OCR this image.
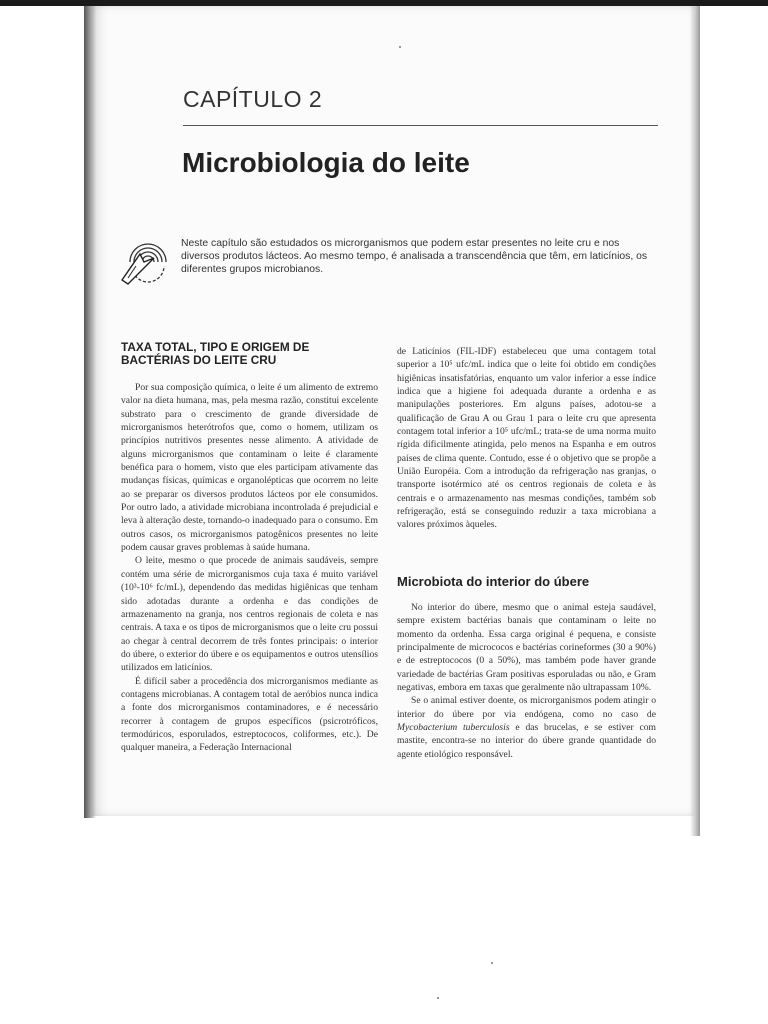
CAPÍTULO 2
Microbiologia do leite
Neste capítulo são estudados os microrganismos que podem estar presentes no leite cru e nos diversos produtos lácteos. Ao mesmo tempo, é analisada a transcendência que têm, em laticínios, os diferentes grupos microbianos.
TAXA TOTAL, TIPO E ORIGEM DE BACTÉRIAS DO LEITE CRU

Por sua composição química, o leite é um alimento de extremo valor na dieta humana, mas, pela mesma razão, constitui excelente substrato para o crescimento de grande diversidade de microrganismos heterótrofos que, como o homem, utilizam os princípios nutritivos presentes nesse alimento. A atividade de alguns microrganismos que contaminam o leite é claramente benéfica para o homem, visto que eles participam ativamente das mudanças físicas, químicas e organolépticas que ocorrem no leite ao se preparar os diversos produtos lácteos por ele consumidos. Por outro lado, a atividade microbiana incontrolada é prejudicial e leva à alteração deste, tornando-o inadequado para o consumo. Em outros casos, os microrganismos patogênicos presentes no leite podem causar graves problemas à saúde humana.

O leite, mesmo o que procede de animais saudáveis, sempre contém uma série de microrganismos cuja taxa é muito variável (10³-10⁶ fc/mL), dependendo das medidas higiênicas que tenham sido adotadas durante a ordenha e das condições de armazenamento na granja, nos centros regionais de coleta e nas centrais. A taxa e os tipos de microrganismos que o leite cru possui ao chegar à central decorrem de três fontes principais: o interior do úbere, o exterior do úbere e os equipamentos e outros utensílios utilizados em laticínios.

É difícil saber a procedência dos microrganismos mediante as contagens microbianas. A contagem total de aeróbios nunca indica a fonte dos microrganismos contaminadores, e é necessário recorrer à contagem de grupos específicos (psicrotróficos, termodúricos, esporulados, estreptococos, coliformes, etc.). De qualquer maneira, a Federação Internacional

de Laticínios (FIL-IDF) estabeleceu que uma contagem total superior a 10⁵ ufc/mL indica que o leite foi obtido em condições higiênicas insatisfatórias, enquanto um valor inferior a esse índice indica que a higiene foi adequada durante a ordenha e as manipulações posteriores. Em alguns países, adotou-se a qualificação de Grau A ou Grau 1 para o leite cru que apresenta contagem total inferior a 10⁵ ufc/mL; trata-se de uma norma muito rígida dificilmente atingida, pelo menos na Espanha e em outros países de clima quente. Contudo, esse é o objetivo que se propõe a União Européia. Com a introdução da refrigeração nas granjas, o transporte isotérmico até os centros regionais de coleta e às centrais e o armazenamento nas mesmas condições, também sob refrigeração, está se conseguindo reduzir a taxa microbiana a valores próximos àqueles.

Microbiota do interior do úbere

No interior do úbere, mesmo que o animal esteja saudável, sempre existem bactérias banais que contaminam o leite no momento da ordenha. Essa carga original é pequena, e consiste principalmente de micrococos e bactérias corineformes (30 a 90%) e de estreptococos (0 a 50%), mas também pode haver grande variedade de bactérias Gram positivas esporuladas ou não, e Gram negativas, embora em taxas que geralmente não ultrapassam 10%.

Se o animal estiver doente, os microrganismos podem atingir o interior do úbere por via endógena, como no caso de Mycobacterium tuberculosis e das brucelas, e se estiver com mastite, encontra-se no interior do úbere grande quantidade do agente etiológico responsável.
